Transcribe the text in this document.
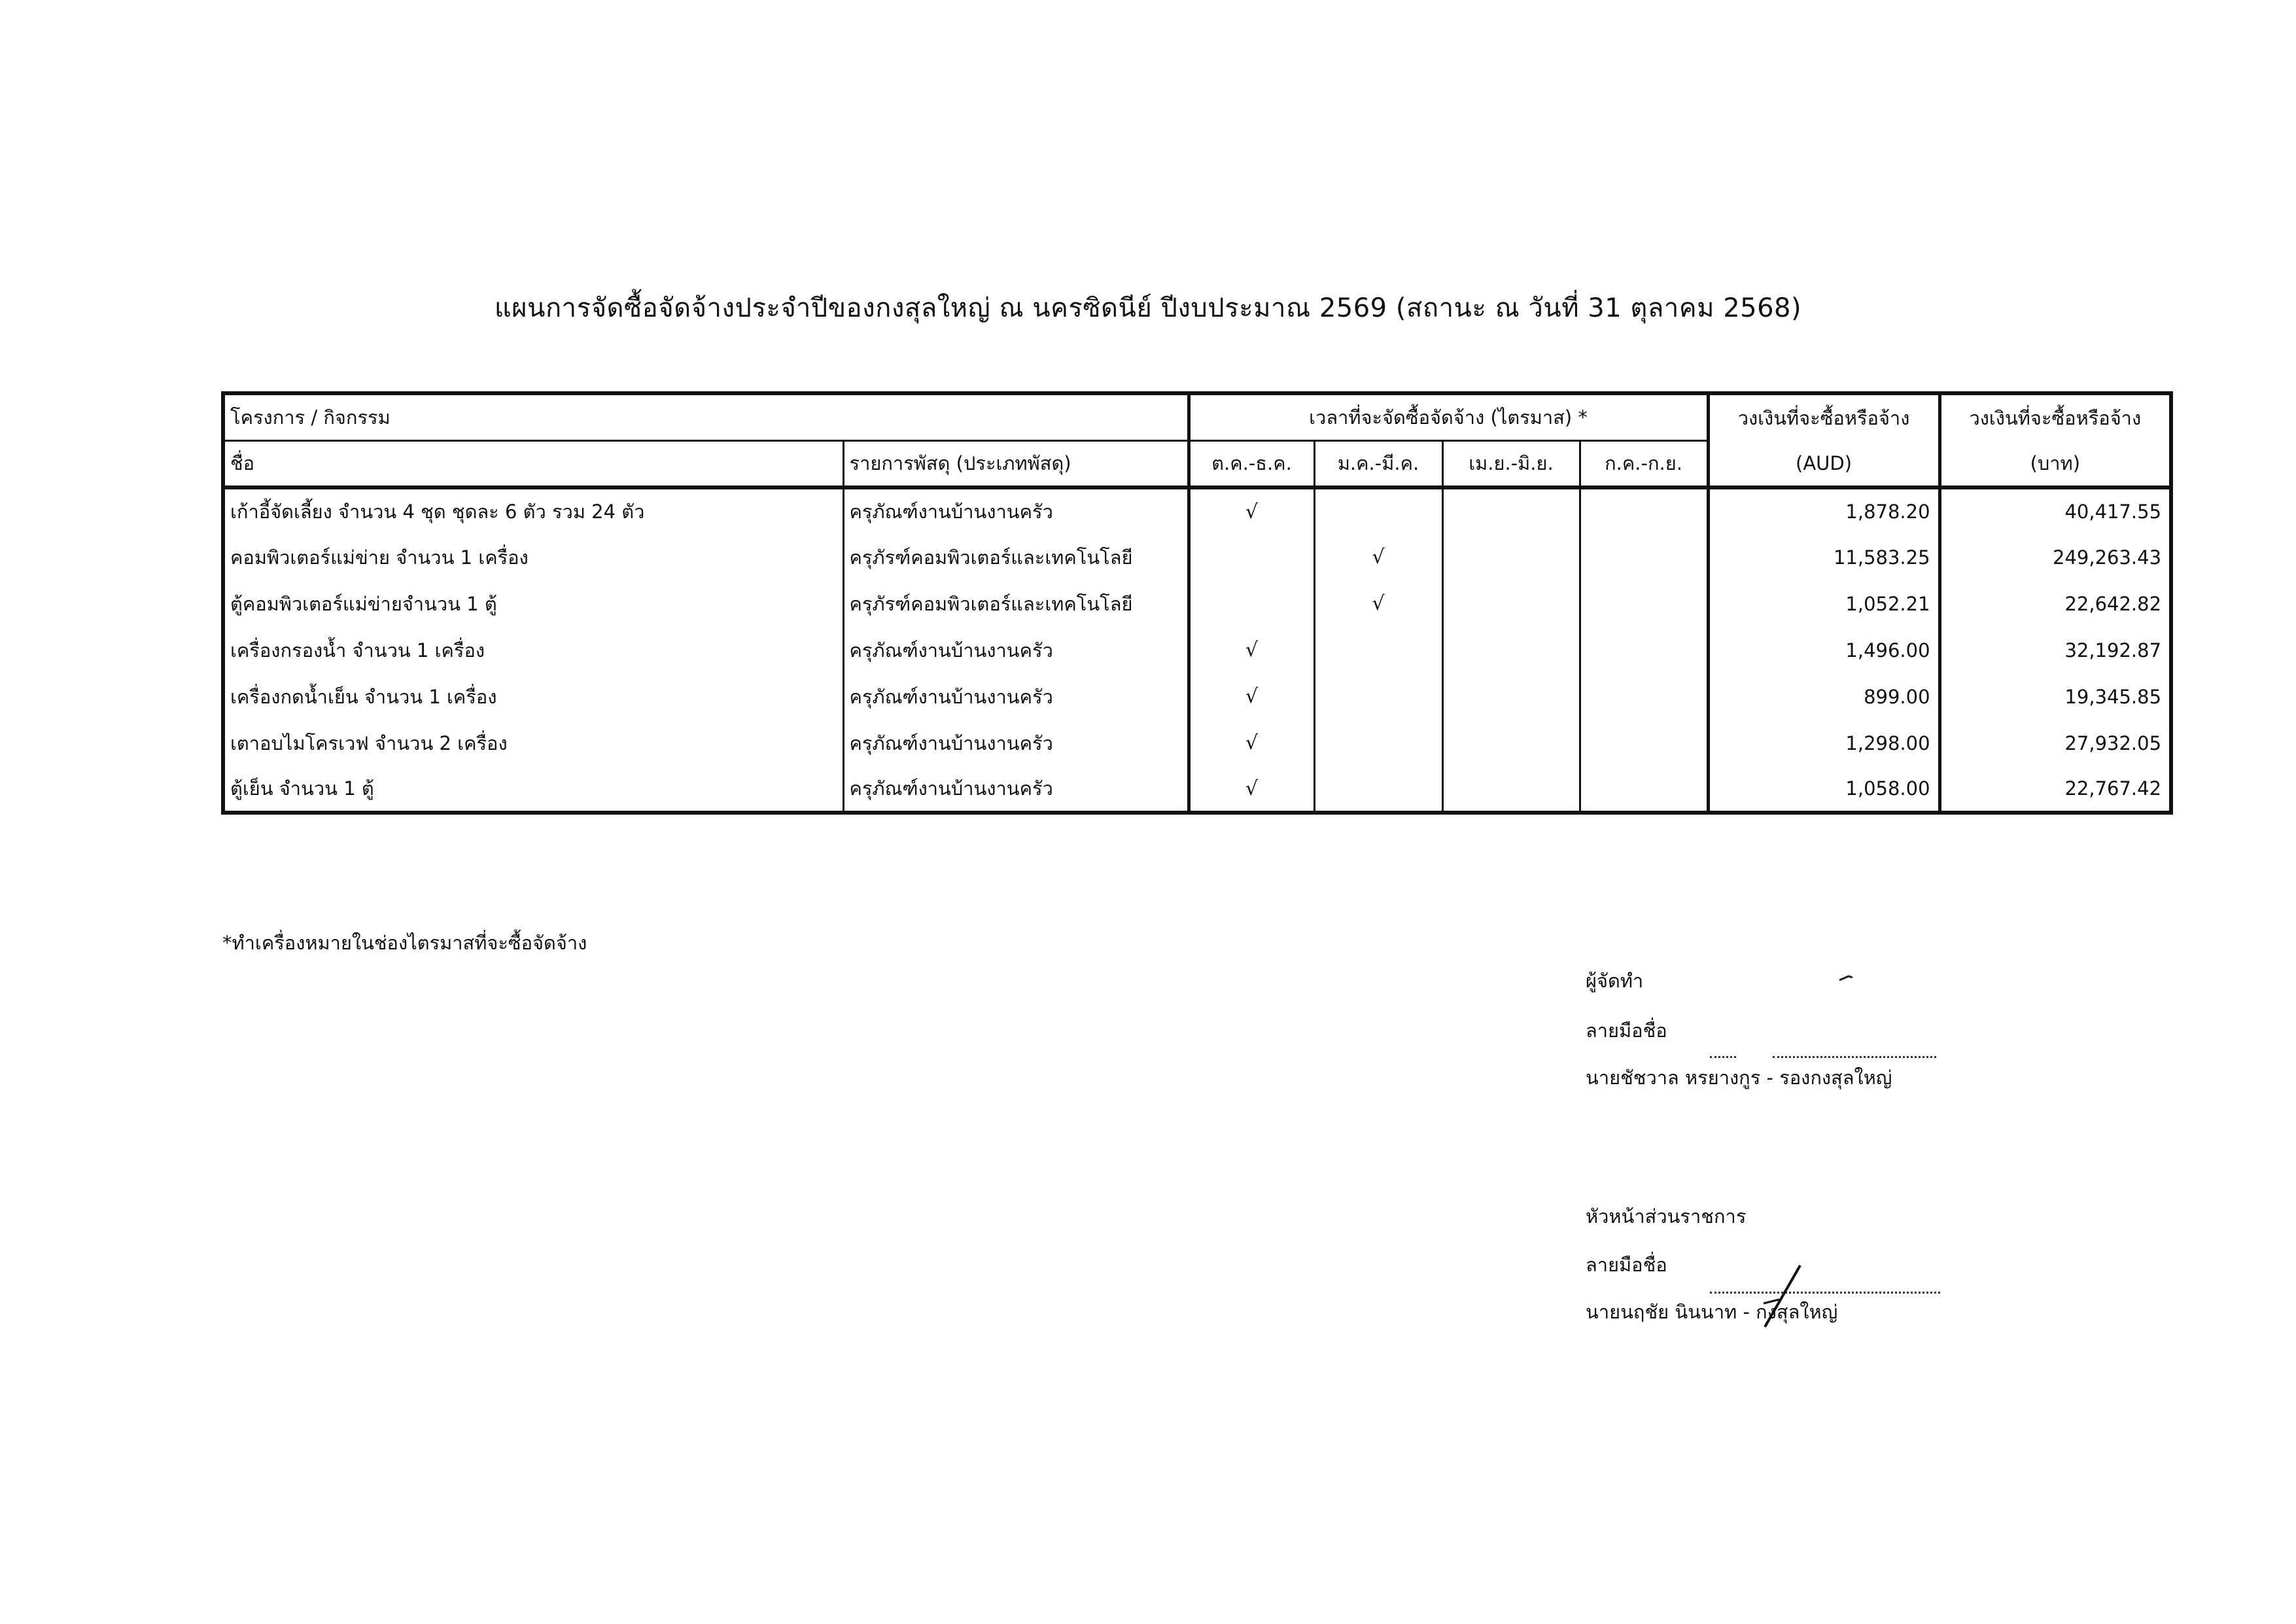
แผนการจัดซื้อจัดจ้างประจำปีของกงสุลใหญ่ ณ นครซิดนีย์ ปีงบประมาณ 2569 (สถานะ ณ วันที่ 31 ตุลาคม 2568)
โครงการ / กิจกรรม		เวลาที่จะจัดซื้อจัดจ้าง (ไตรมาส) *				วงเงินที่จะซื้อหรือจ้าง	วงเงินที่จะซื้อหรือจ้าง
ชื่อ	รายการพัสดุ (ประเภทพัสดุ)	ต.ค.-ธ.ค.	ม.ค.-มี.ค.	เม.ย.-มิ.ย.	ก.ค.-ก.ย.	(AUD)	(บาท)
เก้าอี้จัดเลี้ยง จำนวน 4 ชุด ชุดละ 6 ตัว รวม 24 ตัว	ครุภัณฑ์งานบ้านงานครัว	√				1,878.20	40,417.55
คอมพิวเตอร์แม่ข่าย จำนวน 1 เครื่อง	ครุภัรฑ์คอมพิวเตอร์และเทคโนโลยี		√			11,583.25	249,263.43
ตู้คอมพิวเตอร์แม่ข่ายจำนวน 1 ตู้	ครุภัรฑ์คอมพิวเตอร์และเทคโนโลยี		√			1,052.21	22,642.82
เครื่องกรองน้ำ จำนวน 1 เครื่อง	ครุภัณฑ์งานบ้านงานครัว	√				1,496.00	32,192.87
เครื่องกดน้ำเย็น จำนวน 1 เครื่อง	ครุภัณฑ์งานบ้านงานครัว	√				899.00	19,345.85
เตาอบไมโครเวฟ จำนวน 2 เครื่อง	ครุภัณฑ์งานบ้านงานครัว	√				1,298.00	27,932.05
ตู้เย็น จำนวน 1 ตู้	ครุภัณฑ์งานบ้านงานครัว	√				1,058.00	22,767.42
*ทำเครื่องหมายในช่องไตรมาสที่จะซื้อจัดจ้าง
ผู้จัดทำ
ลายมือชื่อ
นายชัชวาล หรยางกูร - รองกงสุลใหญ่
หัวหน้าส่วนราชการ
ลายมือชื่อ
นายนฤชัย นินนาท - กงสุลใหญ่
